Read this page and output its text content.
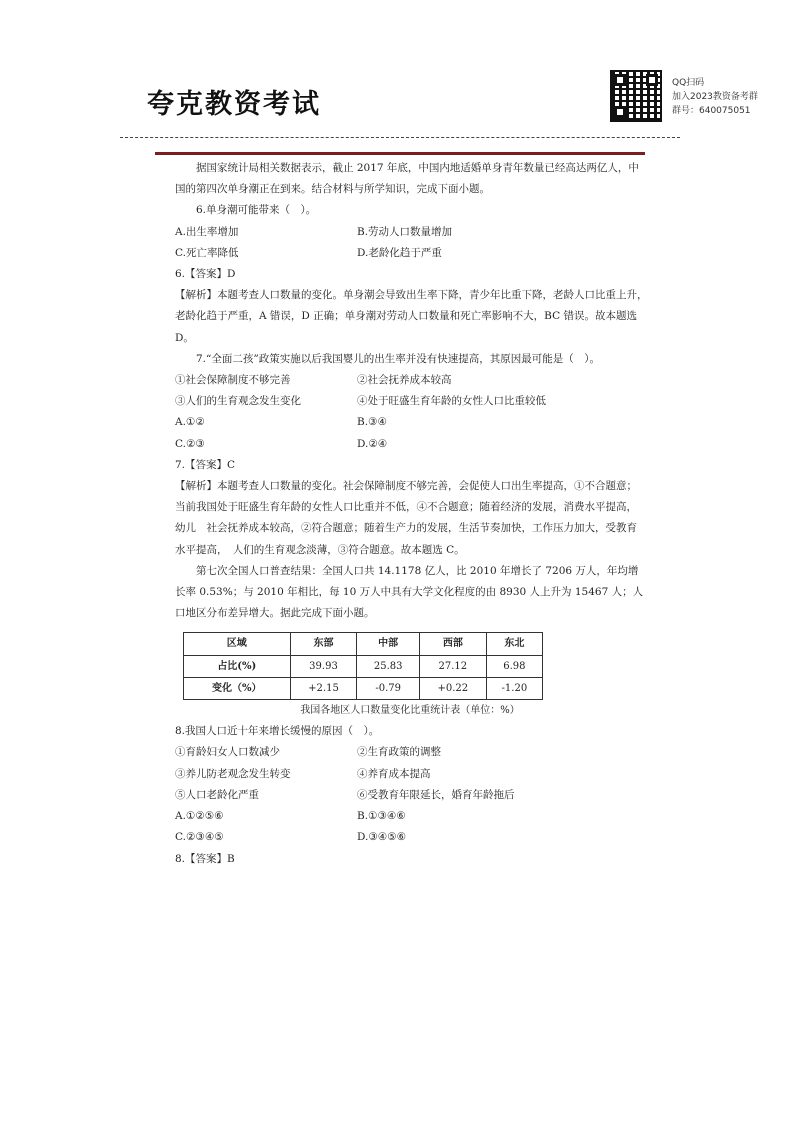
夸克教资考试
QQ扫码
加入2023教资备考群
群号：640075051

据国家统计局相关数据表示，截止 2017 年底，中国内地适婚单身青年数量已经高达两亿人，中国的第四次单身潮正在到来。结合材料与所学知识，完成下面小题。

6.单身潮可能带来（　）。

A.出生率增加	B.劳动人口数量增加
C.死亡率降低	D.老龄化趋于严重

6.【答案】D

【解析】本题考查人口数量的变化。单身潮会导致出生率下降，青少年比重下降，老龄人口比重上升，　　老龄化趋于严重，A 错误，D 正确；单身潮对劳动人口数量和死亡率影响不大，BC 错误。故本题选 D。

7.“全面二孩”政策实施以后我国婴儿的出生率并没有快速提高，其原因最可能是（　）。

①社会保障制度不够完善	②社会抚养成本较高
③人们的生育观念发生变化	④处于旺盛生育年龄的女性人口比重较低
A.①②	B.③④
C.②③	D.②④

7.【答案】C

【解析】本题考查人口数量的变化。社会保障制度不够完善，会促使人口出生率提高，①不合题意；　当前我国处于旺盛生育年龄的女性人口比重并不低，④不合题意；随着经济的发展，消费水平提高，幼儿　社会抚养成本较高，②符合题意；随着生产力的发展，生活节奏加快，工作压力加大，受教育水平提高，　人们的生育观念淡薄，③符合题意。故本题选 C。

第七次全国人口普查结果：全国人口共 14.1178 亿人，比 2010 年增长了 7206 万人，年均增长率 0.53%；与 2010 年相比，每 10 万人中具有大学文化程度的由 8930 人上升为 15467 人；人口地区分布差异增大。据此完成下面小题。

区域	东部	中部	西部	东北
占比(%)	39.93	25.83	27.12	6.98
变化（%）	+2.15	-0.79	+0.22	-1.20
我国各地区人口数量变化比重统计表（单位：%）

8.我国人口近十年来增长缓慢的原因（　）。

①育龄妇女人口数减少	②生育政策的调整
③养儿防老观念发生转变	④养育成本提高
⑤人口老龄化严重	⑥受教育年限延长，婚育年龄拖后
A.①②⑤⑥	B.①③④⑥
C.②③④⑤	D.③④⑤⑥

8.【答案】B
